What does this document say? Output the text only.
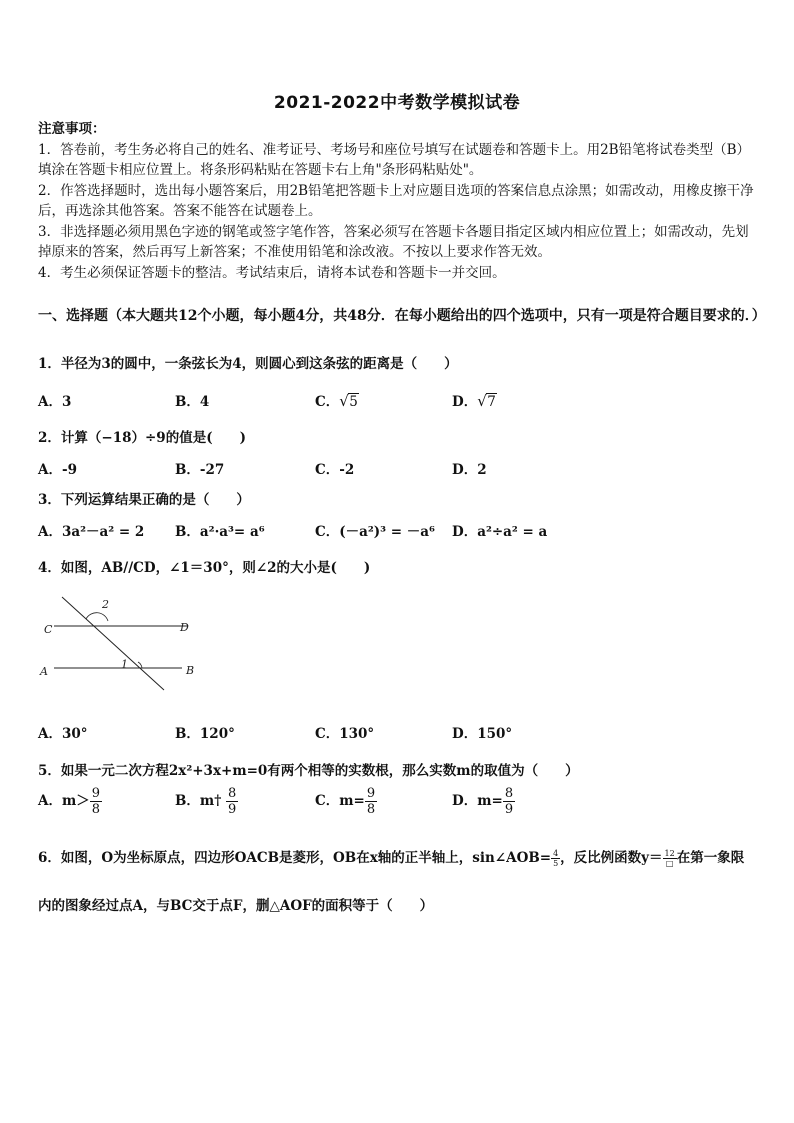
2021-2022中考数学模拟试卷

注意事项：

1．答卷前，考生务必将自己的姓名、准考证号、考场号和座位号填写在试题卷和答题卡上。用2B铅笔将试卷类型（B）填涂在答题卡相应位置上。将条形码粘贴在答题卡右上角"条形码粘贴处"。

2．作答选择题时，选出每小题答案后，用2B铅笔把答题卡上对应题目选项的答案信息点涂黑；如需改动，用橡皮擦干净后，再选涂其他答案。答案不能答在试题卷上。

3．非选择题必须用黑色字迹的钢笔或签字笔作答，答案必须写在答题卡各题目指定区域内相应位置上；如需改动，先划掉原来的答案，然后再写上新答案；不准使用铅笔和涂改液。不按以上要求作答无效。

4．考生必须保证答题卡的整洁。考试结束后，请将本试卷和答题卡一并交回。

一、选择题（本大题共12个小题，每小题4分，共48分．在每小题给出的四个选项中，只有一项是符合题目要求的．）
1．半径为3的圆中，一条弦长为4，则圆心到这条弦的距离是（　　）
A．3	B．4	C． √ 5	D． √ 7
2．计算（−18）÷9的值是(　　)
A．-9	B．-27	C．-2	D．2
3．下列运算结果正确的是（　　）
A．3a²－a² = 2 B．a²·a³= a⁶	C．(－a²)³ = －a⁶ D．a²÷a² = a
4．如图，AB//CD，∠1＝30°，则∠2的大小是(　　)
2
C	D
A
1	B
A．30°	B．120°	C．130°	D．150°
5．如果一元二次方程2x²+3x+m=0有两个相等的实数根，那么实数m的取值为（　　）
A．$m> \frac{9}{8}$	B．m† $\frac{8}{9}$	C．$m= \frac{9}{8}$	D．$m= \frac{8}{9}$
6．如图，O为坐标原点，四边形OACB是菱形，OB在x轴的正半轴上，sin∠AOB= $\frac{4}{5}$ ，反比例函数$y= \frac{12}{□}$ 在第一象限
内的图象经过点A，与BC交于点F，删△AOF的面积等于（　　）
